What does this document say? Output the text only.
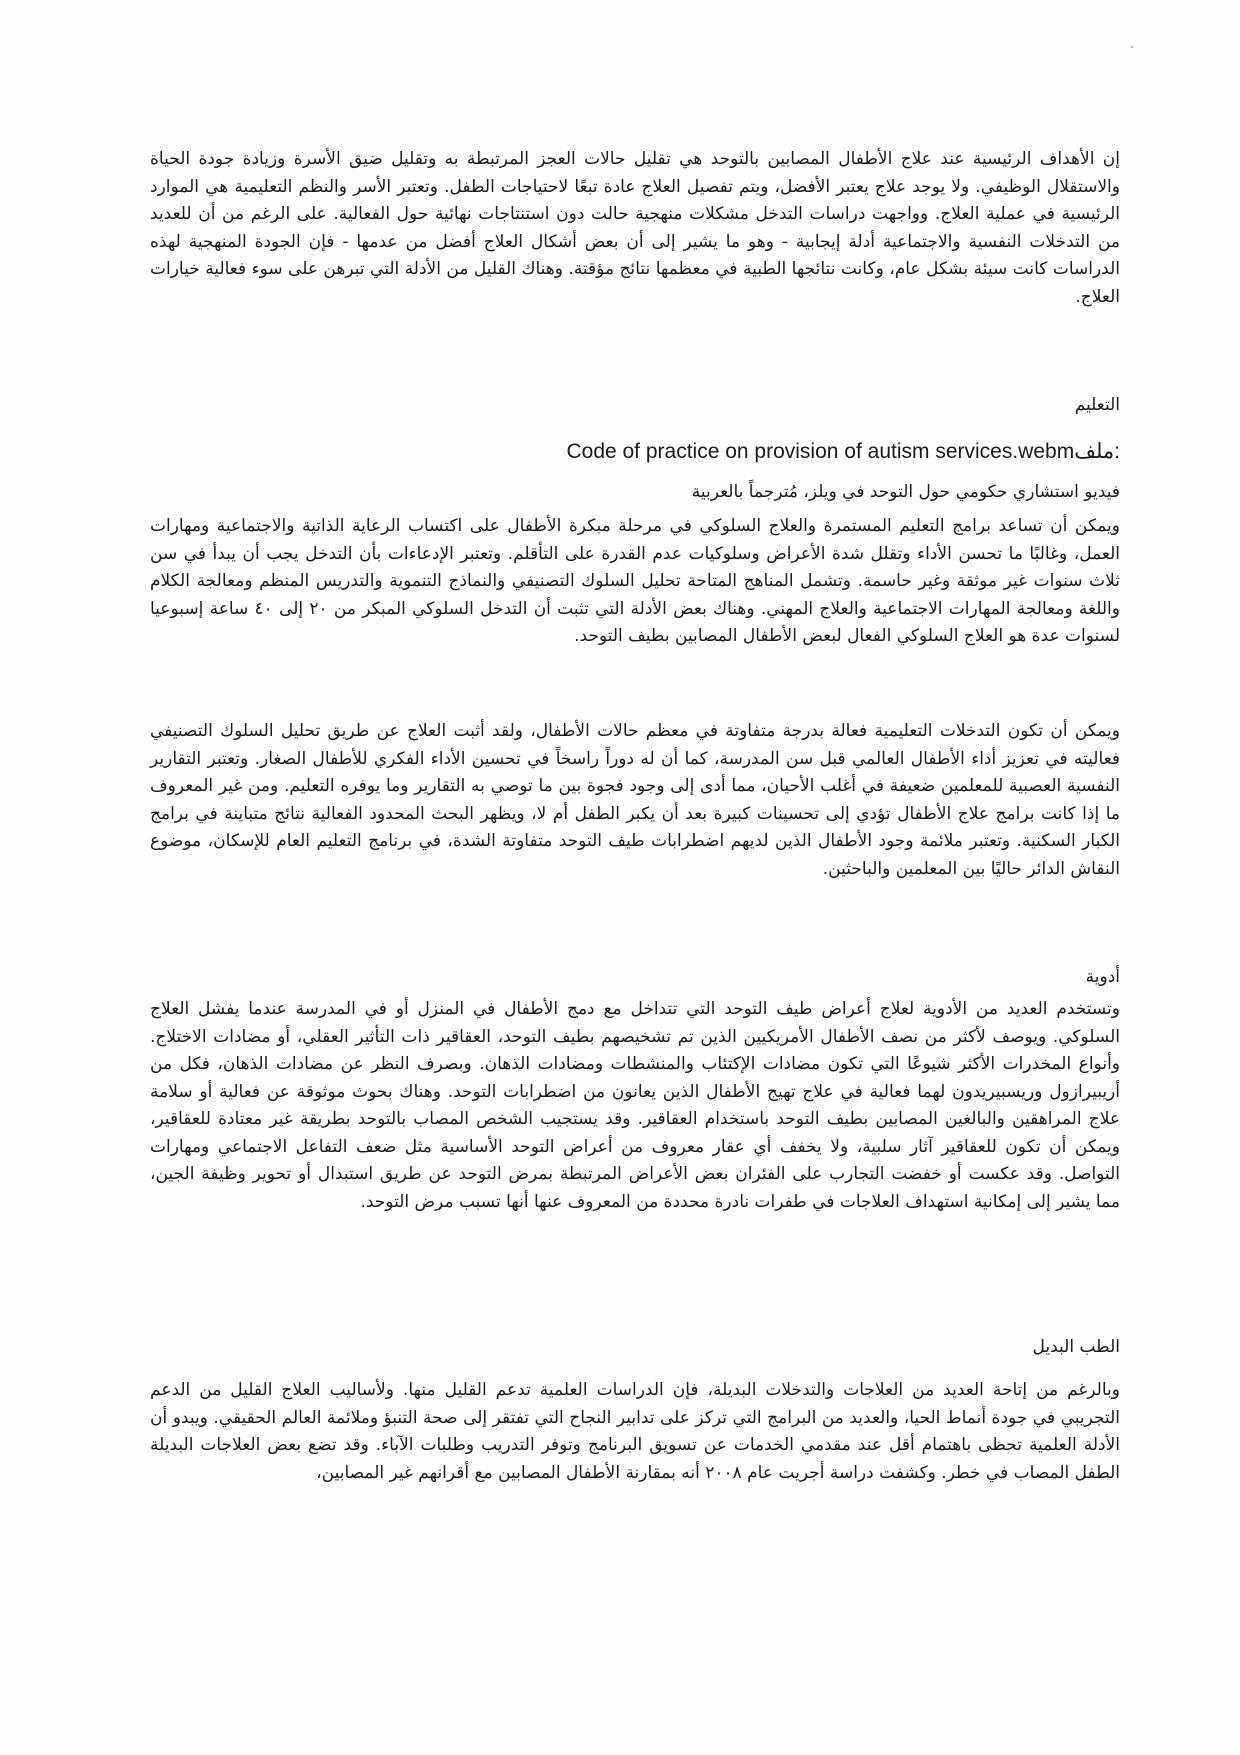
إن الأهداف الرئيسية عند علاج الأطفال المصابين بالتوحد هي تقليل حالات العجز المرتبطة به وتقليل ضيق الأسرة وزيادة جودة الحياة والاستقلال الوظيفي. ولا يوجد علاج يعتبر الأفضل، ويتم تفصيل العلاج عادة تبعًا لاحتياجات الطفل. وتعتبر الأسر والنظم التعليمية هي الموارد الرئيسية في عملية العلاج. وواجهت دراسات التدخل مشكلات منهجية حالت دون استنتاجات نهائية حول الفعالية. على الرغم من أن للعديد من التدخلات النفسية والاجتماعية أدلة إيجابية - وهو ما يشير إلى أن بعض أشكال العلاج أفضل من عدمها - فإن الجودة المنهجية لهذه الدراسات كانت سيئة بشكل عام، وكانت نتائجها الطبية في معظمها نتائج مؤقتة. وهناك القليل من الأدلة التي تبرهن على سوء فعالية خيارات العلاج.

التعليم

Code of practice on provision of autism services.webmملف:

فيديو استشاري حكومي حول التوحد في ويلز، مُترجماً بالعربية

ويمكن أن تساعد برامج التعليم المستمرة والعلاج السلوكي في مرحلة مبكرة الأطفال على اكتساب الرعاية الذاتية والاجتماعية ومهارات العمل، وغالبًا ما تحسن الأداء وتقلل شدة الأعراض وسلوكيات عدم القدرة على التأقلم. وتعتبر الإدعاءات بأن التدخل يجب أن يبدأ في سن ثلاث سنوات غير موثقة وغير حاسمة. وتشمل المناهج المتاحة تحليل السلوك التصنيفي والنماذج التنموية والتدريس المنظم ومعالجة الكلام واللغة ومعالجة المهارات الاجتماعية والعلاج المهني. وهناك بعض الأدلة التي تثبت أن التدخل السلوكي المبكر من ٢٠ إلى ٤٠ ساعة إسبوعيا لسنوات عدة هو العلاج السلوكي الفعال لبعض الأطفال المصابين بطيف التوحد.

ويمكن أن تكون التدخلات التعليمية فعالة بدرجة متفاوتة في معظم حالات الأطفال، ولقد أثبت العلاج عن طريق تحليل السلوك التصنيفي فعاليته في تعزيز أداء الأطفال العالمي قبل سن المدرسة، كما أن له دوراً راسخاً في تحسين الأداء الفكري للأطفال الصغار. وتعتبر التقارير النفسية العصبية للمعلمين ضعيفة في أغلب الأحيان، مما أدى إلى وجود فجوة بين ما توصي به التقارير وما يوفره التعليم. ومن غير المعروف ما إذا كانت برامج علاج الأطفال تؤدي إلى تحسينات كبيرة بعد أن يكبر الطفل أم لا، ويظهر البحث المحدود الفعالية نتائج متباينة في برامج الكبار السكنية. وتعتبر ملائمة وجود الأطفال الذين لديهم اضطرابات طيف التوحد متفاوتة الشدة، في برنامج التعليم العام للإسكان، موضوع النقاش الدائر حاليًا بين المعلمين والباحثين.

أدوية

وتستخدم العديد من الأدوية لعلاج أعراض طيف التوحد التي تتداخل مع دمج الأطفال في المنزل أو في المدرسة عندما يفشل العلاج السلوكي. ويوصف لأكثر من نصف الأطفال الأمريكيين الذين تم تشخيصهم بطيف التوحد، العقاقير ذات التأثير العقلي، أو مضادات الاختلاج. وأنواع المخدرات الأكثر شيوعًا التي تكون مضادات الإكتئاب والمنشطات ومضادات الذهان. وبصرف النظر عن مضادات الذهان، فكل من أريبيرازول وريسبيريدون لهما فعالية في علاج تهيج الأطفال الذين يعانون من اضطرابات التوحد. وهناك بحوث موثوقة عن فعالية أو سلامة علاج المراهقين والبالغين المصابين بطيف التوحد باستخدام العقاقير. وقد يستجيب الشخص المصاب بالتوحد بطريقة غير معتادة للعقاقير، ويمكن أن تكون للعقاقير آثار سلبية، ولا يخفف أي عقار معروف من أعراض التوحد الأساسية مثل ضعف التفاعل الاجتماعي ومهارات التواصل. وقد عكست أو خفضت التجارب على الفئران بعض الأعراض المرتبطة بمرض التوحد عن طريق استبدال أو تحوير وظيفة الجين، مما يشير إلى إمكانية استهداف العلاجات في طفرات نادرة محددة من المعروف عنها أنها تسبب مرض التوحد.

الطب البديل

وبالرغم من إتاحة العديد من العلاجات والتدخلات البديلة، فإن الدراسات العلمية تدعم القليل منها. ولأساليب العلاج القليل من الدعم التجريبي في جودة أنماط الحيا، والعديد من البرامج التي تركز على تدابير النجاح التي تفتقر إلى صحة التنبؤ وملائمة العالم الحقيقي. ويبدو أن الأدلة العلمية تحظى باهتمام أقل عند مقدمي الخدمات عن تسويق البرنامج وتوفر التدريب وطلبات الآباء. وقد تضع بعض العلاجات البديلة الطفل المصاب في خطر. وكشفت دراسة أجريت عام ٢٠٠٨ أنه بمقارنة الأطفال المصابين مع أقرانهم غير المصابين،
